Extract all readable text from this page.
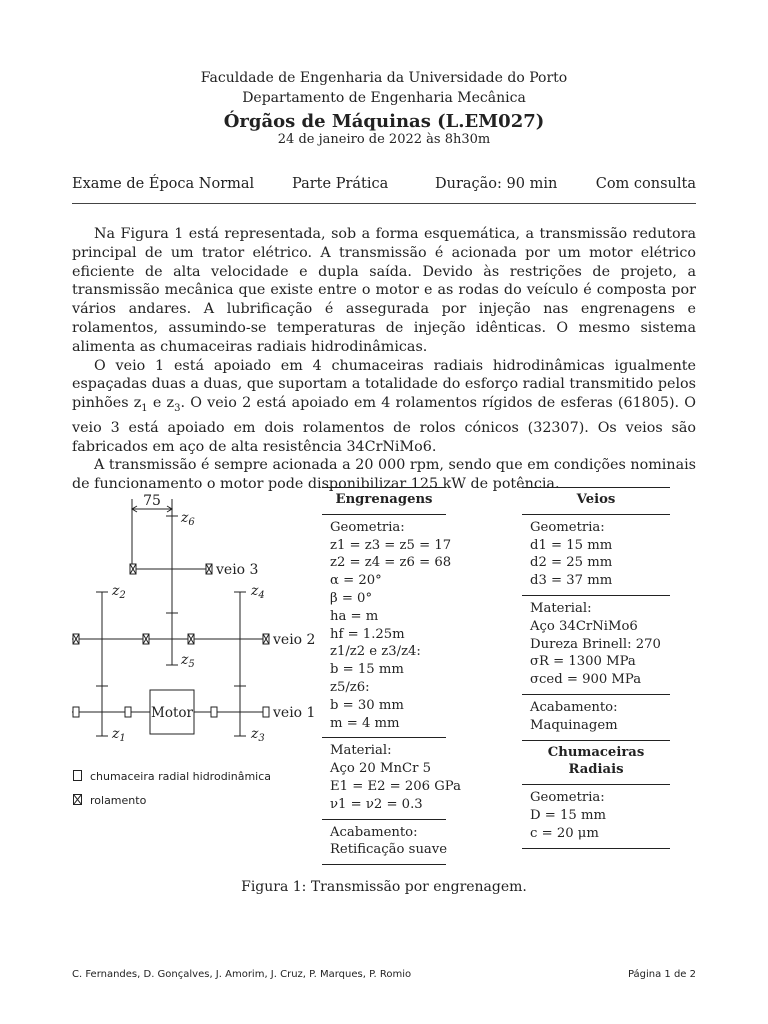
Faculdade de Engenharia da Universidade do Porto
Departamento de Engenharia Mecânica
Órgãos de Máquinas (L.EM027)
24 de janeiro de 2022 às 8h30m
Exame de Época Normal	Parte Prática	Duração: 90 min	Com consulta

Na Figura 1 está representada, sob a forma esquemática, a transmissão redutora principal de um trator elétrico. A transmissão é acionada por um motor elétrico eficiente de alta velocidade e dupla saída. Devido às restrições de projeto, a transmissão mecânica que existe entre o motor e as rodas do veículo é composta por vários andares. A lubrificação é assegurada por injeção nas engrenagens e rolamentos, assumindo-se temperaturas de injeção idênticas. O mesmo sistema alimenta as chumaceiras radiais hidrodinâmicas.

O veio 1 está apoiado em 4 chumaceiras radiais hidrodinâmicas igualmente espaçadas duas a duas, que suportam a totalidade do esforço radial transmitido pelos pinhões $z_1$ e $z_3$. O veio 2 está apoiado em 4 rolamentos rígidos de esferas (61805). O veio 3 está apoiado em dois rolamentos de rolos cónicos (32307). Os veios são fabricados em aço de alta resistência 34CrNiMo6.

A transmissão é sempre acionada a 20 000 rpm, sendo que em condições nominais de funcionamento o motor pode disponibilizar 125 kW de potência.

75
Motor	veio 1
veio 2
veio 3
$z_1$
$z_2$
$z_3$
$z_4$
$z_5$
$z_6$
chumaceira radial hidrodinâmica
rolamento
Engrenagens
Geometria:
z1 = z3 = z5 = 17
z2 = z4 = z6 = 68
α = 20°
β = 0°
ha = m
hf = 1.25m
z1/z2 e z3/z4:
b = 15 mm
z5/z6:
b = 30 mm
m = 4 mm
Material:
Aço 20 MnCr 5
E1 = E2 = 206 GPa
ν1 = ν2 = 0.3
Acabamento:
Retificação suave
Veios
Geometria:
d1 = 15 mm
d2 = 25 mm
d3 = 37 mm
Material:
Aço 34CrNiMo6
Dureza Brinell: 270
σR = 1300 MPa
σced = 900 MPa
Acabamento:
Maquinagem
Chumaceiras Radiais
Geometria:
D = 15 mm
c = 20 μm
Figura 1: Transmissão por engrenagem.
C. Fernandes, D. Gonçalves, J. Amorim, J. Cruz, P. Marques, P. Romio	Página 1 de 2
